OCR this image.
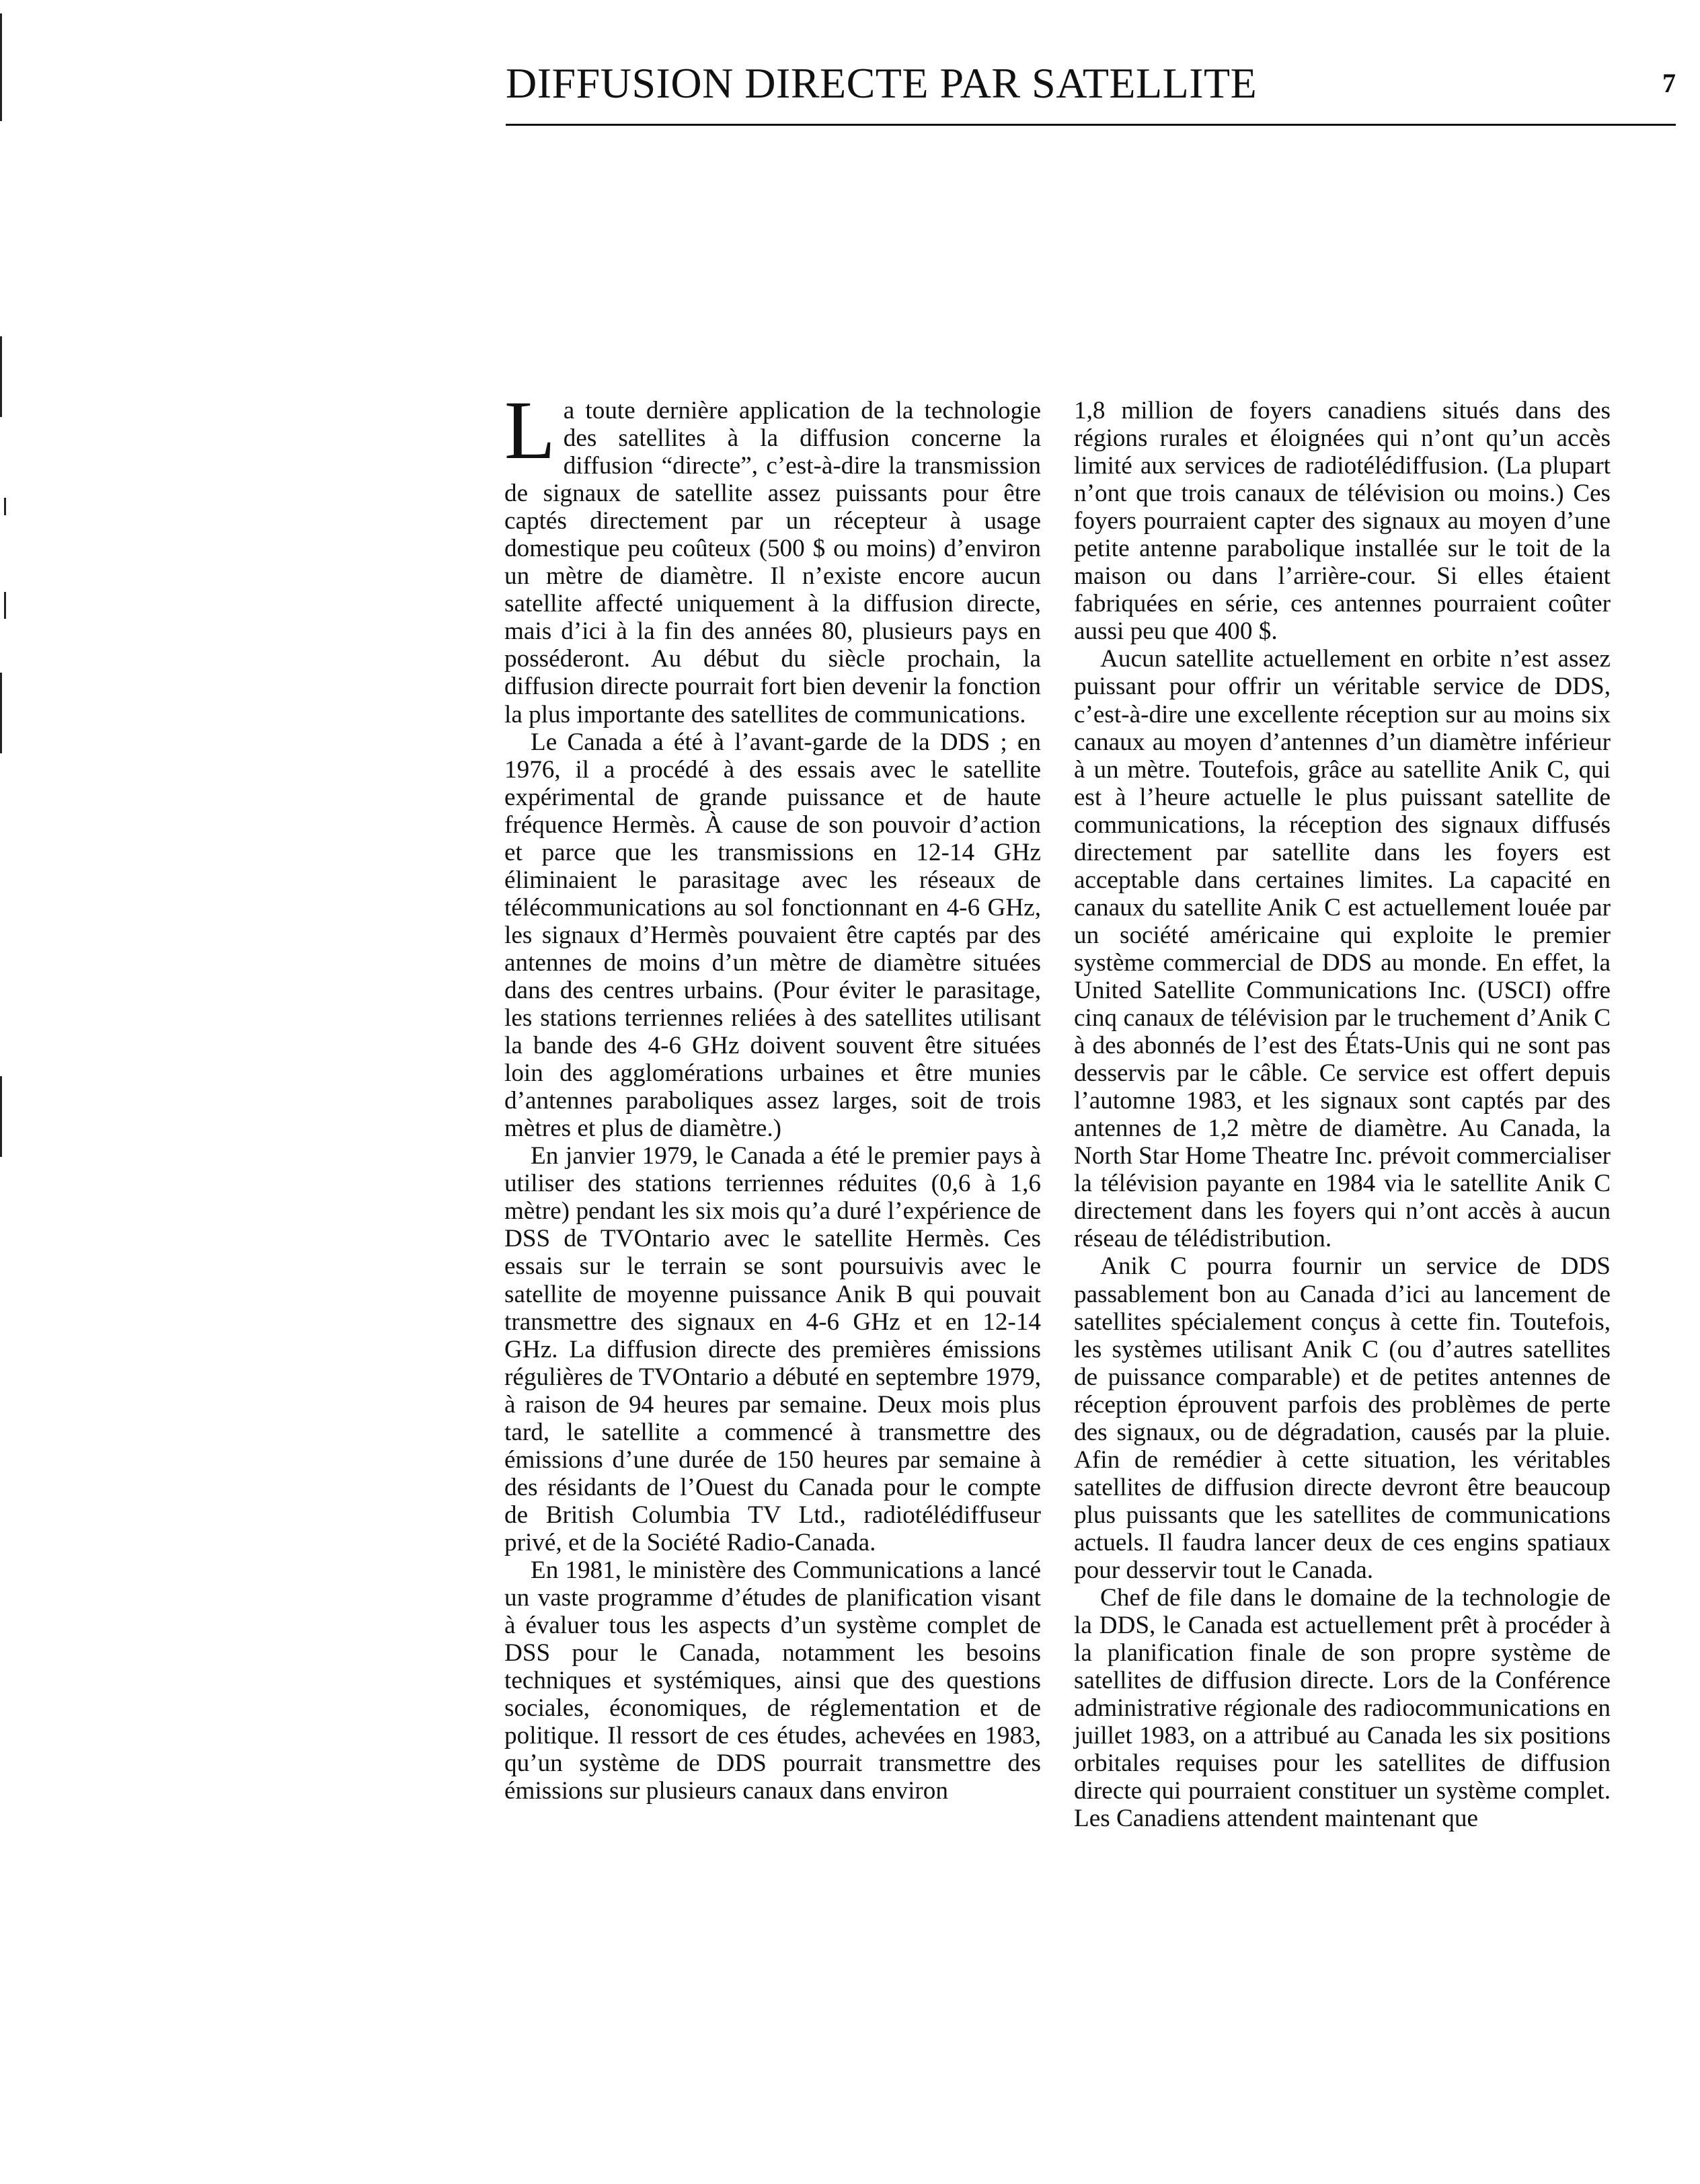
DIFFUSION DIRECTE PAR SATELLITE	7

La toute dernière application de la technologie des satellites à la diffusion concerne la diffusion “directe”, c’est-à-dire la transmission de signaux de satellite assez puissants pour être captés directement par un récepteur à usage domestique peu coûteux (500 $ ou moins) d’environ un mètre de diamètre. Il n’existe encore aucun satellite affecté uniquement à la diffusion directe, mais d’ici à la fin des années 80, plusieurs pays en posséderont. Au début du siècle prochain, la diffusion directe pourrait fort bien devenir la fonction la plus importante des satellites de communications.

Le Canada a été à l’avant-garde de la DDS ; en 1976, il a procédé à des essais avec le satellite expérimental de grande puissance et de haute fréquence Hermès. À cause de son pouvoir d’action et parce que les transmissions en 12-14 GHz éliminaient le parasitage avec les réseaux de télécommunications au sol fonctionnant en 4-6 GHz, les signaux d’Hermès pouvaient être captés par des antennes de moins d’un mètre de diamètre situées dans des centres urbains. (Pour éviter le parasitage, les stations terriennes reliées à des satellites utilisant la bande des 4-6 GHz doivent souvent être situées loin des agglomérations urbaines et être munies d’antennes paraboliques assez larges, soit de trois mètres et plus de diamètre.)

En janvier 1979, le Canada a été le premier pays à utiliser des stations terriennes réduites (0,6 à 1,6 mètre) pendant les six mois qu’a duré l’expérience de DSS de TVOntario avec le satellite Hermès. Ces essais sur le terrain se sont poursuivis avec le satellite de moyenne puissance Anik B qui pouvait transmettre des signaux en 4-6 GHz et en 12-14 GHz. La diffusion directe des premières émissions régulières de TVOntario a débuté en septembre 1979, à raison de 94 heures par semaine. Deux mois plus tard, le satellite a commencé à transmettre des émissions d’une durée de 150 heures par semaine à des résidants de l’Ouest du Canada pour le compte de British Columbia TV Ltd., radiotélédiffuseur privé, et de la Société Radio-Canada.

En 1981, le ministère des Communications a lancé un vaste programme d’études de planification visant à évaluer tous les aspects d’un système complet de DSS pour le Canada, notamment les besoins techniques et systémiques, ainsi que des questions sociales, économiques, de réglementation et de politique. Il ressort de ces études, achevées en 1983, qu’un système de DDS pourrait transmettre des émissions sur plusieurs canaux dans environ

1,8 million de foyers canadiens situés dans des régions rurales et éloignées qui n’ont qu’un accès limité aux services de radiotélédiffusion. (La plupart n’ont que trois canaux de télévision ou moins.) Ces foyers pourraient capter des signaux au moyen d’une petite antenne parabolique installée sur le toit de la maison ou dans l’arrière-cour. Si elles étaient fabriquées en série, ces antennes pourraient coûter aussi peu que 400 $.

Aucun satellite actuellement en orbite n’est assez puissant pour offrir un véritable service de DDS, c’est-à-dire une excellente réception sur au moins six canaux au moyen d’antennes d’un diamètre inférieur à un mètre. Toutefois, grâce au satellite Anik C, qui est à l’heure actuelle le plus puissant satellite de communications, la réception des signaux diffusés directement par satellite dans les foyers est acceptable dans certaines limites. La capacité en canaux du satellite Anik C est actuellement louée par un société américaine qui exploite le premier système commercial de DDS au monde. En effet, la United Satellite Communications Inc. (USCI) offre cinq canaux de télévision par le truchement d’Anik C à des abonnés de l’est des États-Unis qui ne sont pas desservis par le câble. Ce service est offert depuis l’automne 1983, et les signaux sont captés par des antennes de 1,2 mètre de diamètre. Au Canada, la North Star Home Theatre Inc. prévoit commercialiser la télévision payante en 1984 via le satellite Anik C directement dans les foyers qui n’ont accès à aucun réseau de télédistribution.

Anik C pourra fournir un service de DDS passablement bon au Canada d’ici au lancement de satellites spécialement conçus à cette fin. Toutefois, les systèmes utilisant Anik C (ou d’autres satellites de puissance comparable) et de petites antennes de réception éprouvent parfois des problèmes de perte des signaux, ou de dégradation, causés par la pluie. Afin de remédier à cette situation, les véritables satellites de diffusion directe devront être beaucoup plus puissants que les satellites de communications actuels. Il faudra lancer deux de ces engins spatiaux pour desservir tout le Canada.

Chef de file dans le domaine de la technologie de la DDS, le Canada est actuellement prêt à procéder à la planification finale de son propre système de satellites de diffusion directe. Lors de la Conférence administrative régionale des radiocommunications en juillet 1983, on a attribué au Canada les six positions orbitales requises pour les satellites de diffusion directe qui pourraient constituer un système complet. Les Canadiens attendent maintenant que
